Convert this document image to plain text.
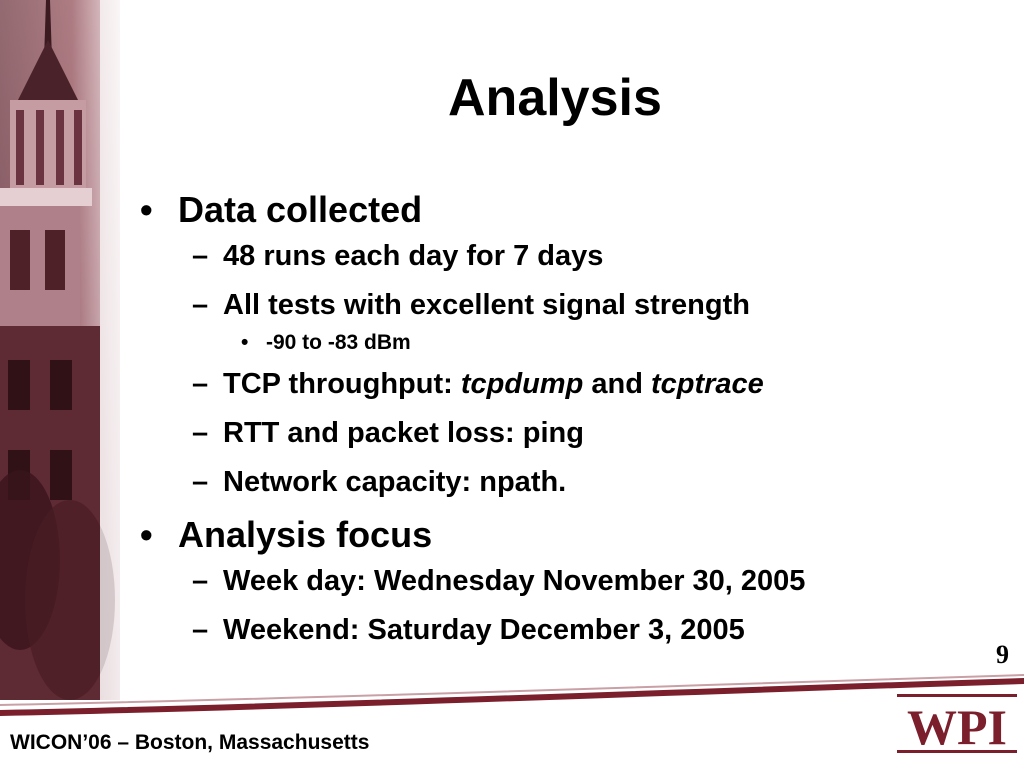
Analysis
• Data collected
– 48 runs each day for 7 days
– All tests with excellent signal strength
• -90 to -83 dBm
– TCP throughput: tcpdump and tcptrace
– RTT and packet loss: ping
– Network capacity: npath.
• Analysis focus
– Week day: Wednesday November 30, 2005
– Weekend: Saturday December 3, 2005
9
WICON’06 – Boston, Massachusetts	WPI
